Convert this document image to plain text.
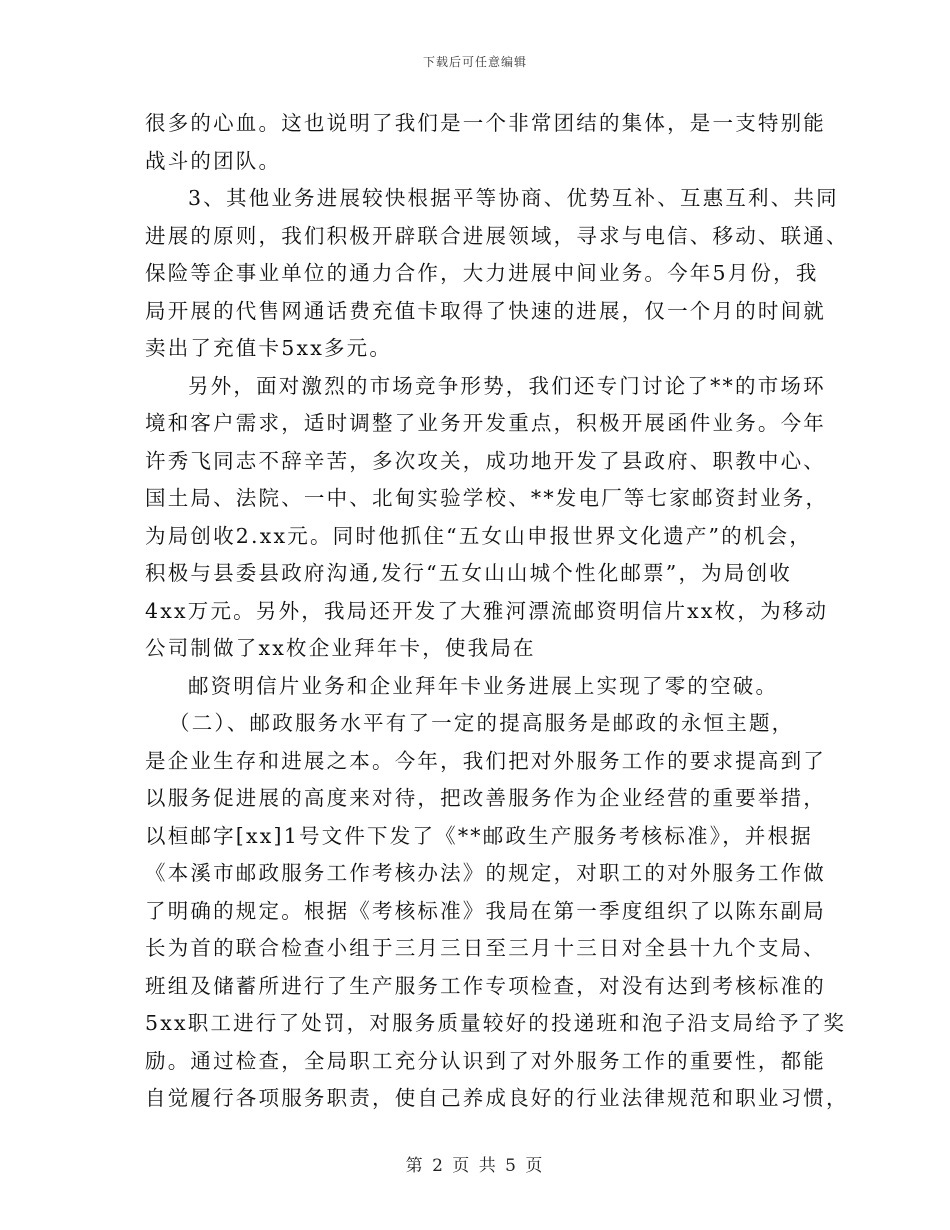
下载后可任意编辑
很多的心血。这也说明了我们是一个非常团结的集体，是一支特别能
战斗的团队。
3、其他业务进展较快根据平等协商、优势互补、互惠互利、共同
进展的原则，我们积极开辟联合进展领域，寻求与电信、移动、联通、
保险等企事业单位的通力合作，大力进展中间业务。今年5月份，我
局开展的代售网通话费充值卡取得了快速的进展，仅一个月的时间就
卖出了充值卡5xx多元。
另外，面对激烈的市场竞争形势，我们还专门讨论了**的市场环
境和客户需求，适时调整了业务开发重点，积极开展函件业务。今年
许秀飞同志不辞辛苦，多次攻关，成功地开发了县政府、职教中心、
国土局、法院、一中、北甸实验学校、**发电厂等七家邮资封业务，
为局创收2.xx元。同时他抓住“五女山申报世界文化遗产”的机会，
积极与县委县政府沟通,发行“五女山山城个性化邮票”，为局创收
4xx万元。另外，我局还开发了大雅河漂流邮资明信片xx枚，为移动
公司制做了xx枚企业拜年卡，使我局在
邮资明信片业务和企业拜年卡业务进展上实现了零的空破。
（二）、邮政服务水平有了一定的提高服务是邮政的永恒主题，
是企业生存和进展之本。今年，我们把对外服务工作的要求提高到了
以服务促进展的高度来对待，把改善服务作为企业经营的重要举措，
以桓邮字[xx]1号文件下发了《**邮政生产服务考核标准》，并根据
《本溪市邮政服务工作考核办法》的规定，对职工的对外服务工作做
了明确的规定。根据《考核标准》我局在第一季度组织了以陈东副局
长为首的联合检查小组于三月三日至三月十三日对全县十九个支局、
班组及储蓄所进行了生产服务工作专项检查，对没有达到考核标准的
5xx职工进行了处罚，对服务质量较好的投递班和泡子沿支局给予了奖
励。通过检查，全局职工充分认识到了对外服务工作的重要性，都能
自觉履行各项服务职责，使自己养成良好的行业法律规范和职业习惯，
第 2 页 共 5 页
